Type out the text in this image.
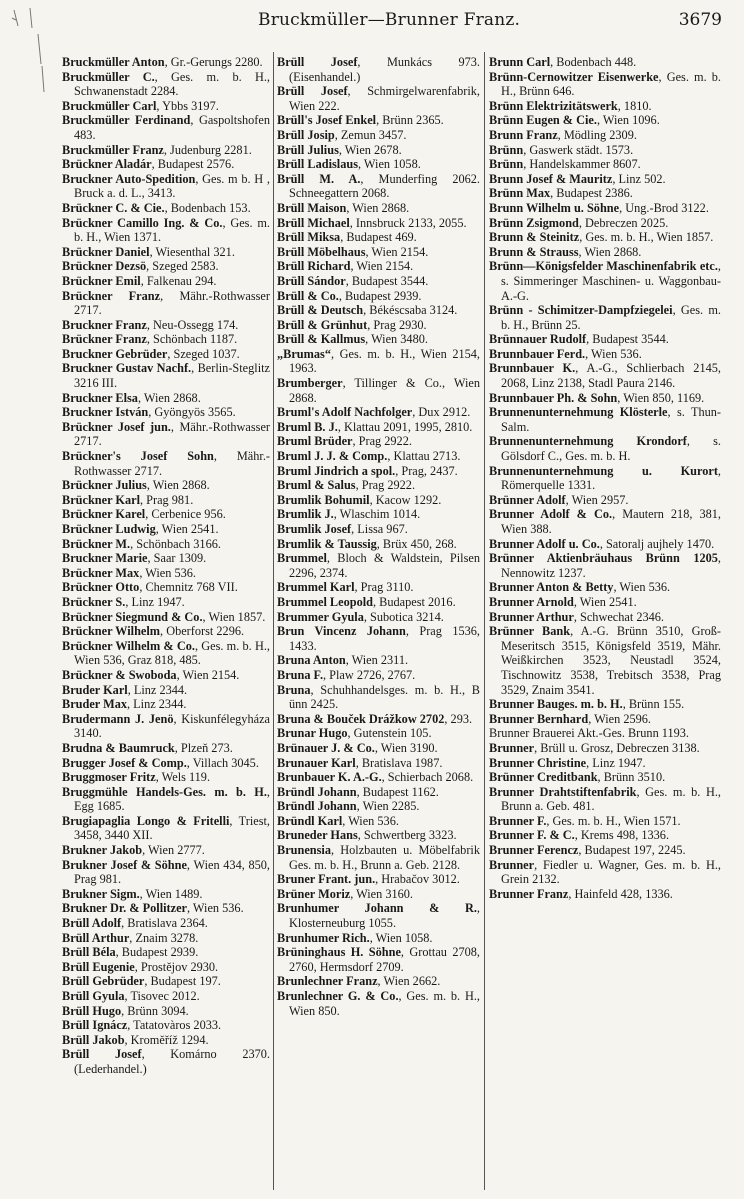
Bruckmüller—Brunner Franz.	3679

Bruckmüller Anton, Gr.-Gerungs 2280.

Bruckmüller C., Ges. m. b. H., Schwanenstadt 2284.

Bruckmüller Carl, Ybbs 3197.

Bruckmüller Ferdinand, Gaspoltshofen 483.

Bruckmüller Franz, Judenburg 2281.

Brückner Aladár, Budapest 2576.

Bruckner Auto-Spedition, Ges. m b. H , Bruck a. d. L., 3413.

Brückner C. & Cie., Bodenbach 153.

Brückner Camillo Ing. & Co., Ges. m. b. H., Wien 1371.

Brückner Daniel, Wiesenthal 321.

Brückner Dezsö, Szeged 2583.

Brückner Emil, Falkenau 294.

Brückner Franz, Mähr.-Rothwasser 2717.

Bruckner Franz, Neu-Ossegg 174.

Brückner Franz, Schönbach 1187.

Bruckner Gebrüder, Szeged 1037.

Bruckner Gustav Nachf., Berlin-Steglitz 3216 III.

Bruckner Elsa, Wien 2868.

Bruckner István, Gyöngyös 3565.

Brückner Josef jun., Mähr.-Rothwasser 2717.

Brückner's Josef Sohn, Mähr.-Rothwasser 2717.

Brückner Julius, Wien 2868.

Brückner Karl, Prag 981.

Brückner Karel, Cerbenice 956.

Brückner Ludwig, Wien 2541.

Brückner M., Schönbach 3166.

Bruckner Marie, Saar 1309.

Brückner Max, Wien 536.

Brückner Otto, Chemnitz 768 VII.

Brückner S., Linz 1947.

Brückner Siegmund & Co., Wien 1857.

Brückner Wilhelm, Oberforst 2296.

Brückner Wilhelm & Co., Ges. m. b. H., Wien 536, Graz 818, 485.

Brückner & Swoboda, Wien 2154.

Bruder Karl, Linz 2344.

Bruder Max, Linz 2344.

Brudermann J. Jenö, Kiskunfélegyháza 3140.

Brudna & Baumruck, Plzeň 273.

Brugger Josef & Comp., Villach 3045.

Bruggmoser Fritz, Wels 119.

Bruggmühle Handels-Ges. m. b. H., Egg 1685.

Brugiapaglia Longo & Fritelli, Triest, 3458, 3440 XII.

Brukner Jakob, Wien 2777.

Brukner Josef & Söhne, Wien 434, 850, Prag 981.

Brukner Sigm., Wien 1489.

Brukner Dr. & Pollitzer, Wien 536.

Brüll Adolf, Bratislava 2364.

Brüll Arthur, Znaim 3278.

Brüll Béla, Budapest 2939.

Brüll Eugenie, Prostějov 2930.

Brüll Gebrüder, Budapest 197.

Brüll Gyula, Tisovec 2012.

Brüll Hugo, Brünn 3094.

Brüll Ignácz, Tatatovàros 2033.

Brüll Jakob, Kroměříž 1294.

Brüll Josef, Komárno 2370. (Lederhandel.)

Brüll Josef, Munkács 973. (Eisenhandel.)

Brüll Josef, Schmirgelwarenfabrik, Wien 222.

Brüll's Josef Enkel, Brünn 2365.

Brüll Josip, Zemun 3457.

Brüll Julius, Wien 2678.

Brüll Ladislaus, Wien 1058.

Brüll M. A., Munderfing 2062. Schneegattern 2068.

Brüll Maison, Wien 2868.

Brüll Michael, Innsbruck 2133, 2055.

Brüll Miksa, Budapest 469.

Brüll Möbelhaus, Wien 2154.

Brüll Richard, Wien 2154.

Brüll Sándor, Budapest 3544.

Brüll & Co., Budapest 2939.

Brüll & Deutsch, Békéscsaba 3124.

Brüll & Grünhut, Prag 2930.

Brüll & Kallmus, Wien 3480.

„Brumas“, Ges. m. b. H., Wien 2154, 1963.

Brumberger, Tillinger & Co., Wien 2868.

Bruml's Adolf Nachfolger, Dux 2912.

Bruml B. J., Klattau 2091, 1995, 2810.

Bruml Brüder, Prag 2922.

Bruml J. J. & Comp., Klattau 2713.

Bruml Jindrich a spol., Prag, 2437.

Bruml & Salus, Prag 2922.

Brumlik Bohumil, Kacow 1292.

Brumlik J., Wlaschim 1014.

Brumlik Josef, Lissa 967.

Brumlik & Taussig, Brüx 450, 268.

Brummel, Bloch & Waldstein, Pilsen 2296, 2374.

Brummel Karl, Prag 3110.

Brummel Leopold, Budapest 2016.

Brummer Gyula, Subotica 3214.

Brun Vincenz Johann, Prag 1536, 1433.

Bruna Anton, Wien 2311.

Bruna F., Plaw 2726, 2767.

Bruna, Schuhhandelsges. m. b. H., B ünn 2425.

Bruna & Bouček Drážkow 2702, 293.

Brunar Hugo, Gutenstein 105.

Brünauer J. & Co., Wien 3190.

Brunauer Karl, Bratislava 1987.

Brunbauer K. A.-G., Schierbach 2068.

Bründl Johann, Budapest 1162.

Bründl Johann, Wien 2285.

Bründl Karl, Wien 536.

Bruneder Hans, Schwertberg 3323.

Brunensia, Holzbauten u. Möbelfabrik Ges. m. b. H., Brunn a. Geb. 2128.

Bruner Frant. jun., Hrabačov 3012.

Brüner Moriz, Wien 3160.

Brunhumer Johann & R., Klosterneuburg 1055.

Brunhumer Rich., Wien 1058.

Brüninghaus H. Söhne, Grottau 2708, 2760, Hermsdorf 2709.

Brunlechner Franz, Wien 2662.

Brunlechner G. & Co., Ges. m. b. H., Wien 850.

Brunn Carl, Bodenbach 448.

Brünn-Cernowitzer Eisenwerke, Ges. m. b. H., Brünn 646.

Brünn Elektrizitätswerk, 1810.

Brünn Eugen & Cie., Wien 1096.

Brunn Franz, Mödling 2309.

Brünn, Gaswerk städt. 1573.

Brünn, Handelskammer 8607.

Brunn Josef & Mauritz, Linz 502.

Brünn Max, Budapest 2386.

Brunn Wilhelm u. Söhne, Ung.-Brod 3122.

Brünn Zsigmond, Debreczen 2025.

Brunn & Steinitz, Ges. m. b. H., Wien 1857.

Brunn & Strauss, Wien 2868.

Brünn—Königsfelder Maschinenfabrik etc., s. Simmeringer Maschinen- u. Waggonbau-A.-G.

Brünn - Schimitzer-Dampfziegelei, Ges. m. b. H., Brünn 25.

Brünnauer Rudolf, Budapest 3544.

Brunnbauer Ferd., Wien 536.

Brunnbauer K., A.-G., Schlierbach 2145, 2068, Linz 2138, Stadl Paura 2146.

Brunnbauer Ph. & Sohn, Wien 850, 1169.

Brunnenunternehmung Klösterle, s. Thun-Salm.

Brunnenunternehmung Krondorf, s. Gölsdorf C., Ges. m. b. H.

Brunnenunternehmung u. Kurort, Römerquelle 1331.

Brünner Adolf, Wien 2957.

Brunner Adolf & Co., Mautern 218, 381, Wien 388.

Brunner Adolf u. Co., Satoralj aujhely 1470.

Brünner Aktienbräuhaus Brünn 1205, Nennowitz 1237.

Brunner Anton & Betty, Wien 536.

Brunner Arnold, Wien 2541.

Brunner Arthur, Schwechat 2346.

Brünner Bank, A.-G. Brünn 3510, Groß-Meseritsch 3515, Königsfeld 3519, Mähr. Weißkirchen 3523, Neustadl 3524, Tischnowitz 3538, Trebitsch 3538, Prag 3529, Znaim 3541.

Brunner Bauges. m. b. H., Brünn 155.

Brunner Bernhard, Wien 2596.

Brunner Brauerei Akt.-Ges. Brunn 1193.

Brunner, Brüll u. Grosz, Debreczen 3138.

Brunner Christine, Linz 1947.

Brünner Creditbank, Brünn 3510.

Brunner Drahtstiftenfabrik, Ges. m. b. H., Brunn a. Geb. 481.

Brunner F., Ges. m. b. H., Wien 1571.

Brunner F. & C., Krems 498, 1336.

Brunner Ferencz, Budapest 197, 2245.

Brunner, Fiedler u. Wagner, Ges. m. b. H., Grein 2132.

Brunner Franz, Hainfeld 428, 1336.
